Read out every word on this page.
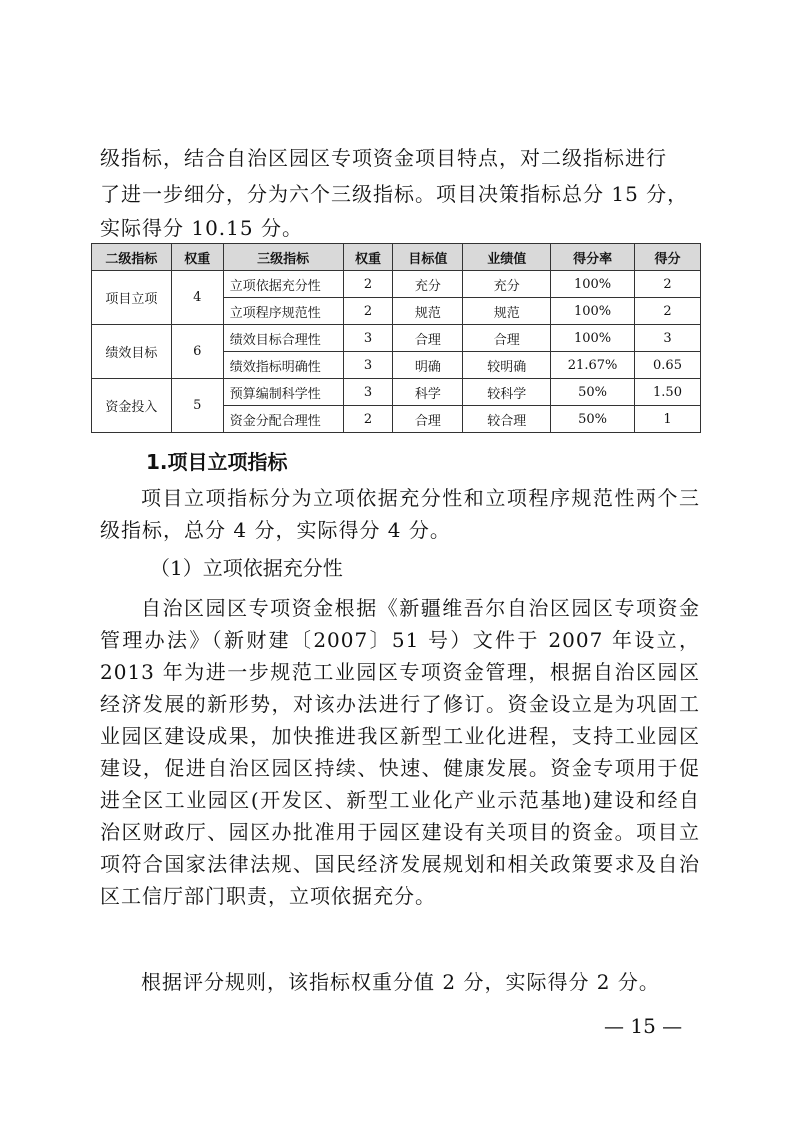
级指标，结合自治区园区专项资金项目特点，对二级指标进行

了进一步细分，分为六个三级指标。项目决策指标总分 15 分，

实际得分 10.15 分。

二级指标	权重	三级指标	权重	目标值	业绩值	得分率	得分
项目立项	4	立项依据充分性	2	充分	充分	100%	2
		立项程序规范性	2	规范	规范	100%	2
绩效目标	6	绩效目标合理性	3	合理	合理	100%	3
		绩效指标明确性	3	明确	较明确	21.67%	0.65
资金投入	5	预算编制科学性	3	科学	较科学	50%	1.50
		资金分配合理性	2	合理	较合理	50%	1

1.项目立项指标

项目立项指标分为立项依据充分性和立项程序规范性两个三级指标，总分 4 分，实际得分 4 分。

（1）立项依据充分性

自治区园区专项资金根据《新疆维吾尔自治区园区专项资金管理办法》（新财建〔2007〕51 号）文件于 2007 年设立，2013 年为进一步规范工业园区专项资金管理，根据自治区园区经济发展的新形势，对该办法进行了修订。资金设立是为巩固工业园区建设成果，加快推进我区新型工业化进程，支持工业园区建设，促进自治区园区持续、快速、健康发展。资金专项用于促进全区工业园区(开发区、新型工业化产业示范基地)建设和经自治区财政厅、园区办批准用于园区建设有关项目的资金。项目立项符合国家法律法规、国民经济发展规划和相关政策要求及自治区工信厅部门职责，立项依据充分。

根据评分规则，该指标权重分值 2 分，实际得分 2 分。

— 15 —
